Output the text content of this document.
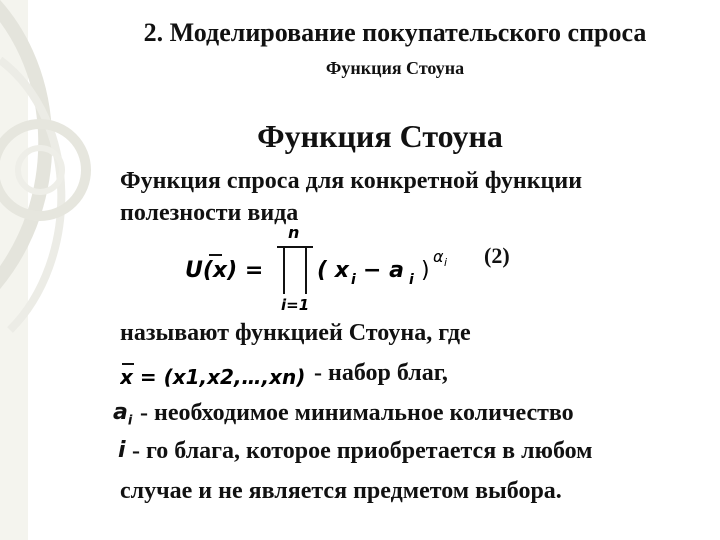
2. Моделирование покупательского спроса
Функция Стоуна
Функция Стоуна
Функция спроса для конкретной функции
полезности вида
U(x) =
n
i=1
( x i − a i )
α i (2)
называют функцией Стоуна, где
x = (x1,x2,…,xn) - набор благ,
$a_i$ - необходимое минимальное количество
i - го блага, которое приобретается в любом
случае и не является предметом выбора.
